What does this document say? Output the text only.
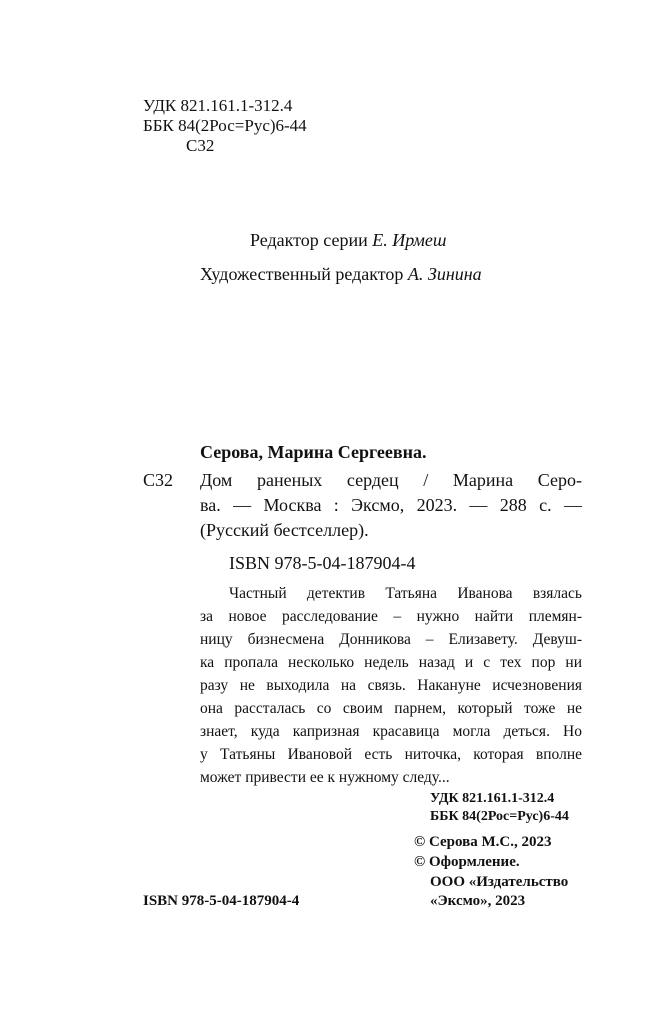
УДК 821.161.1-312.4
ББК 84(2Рос=Рус)6-44
С32
Редактор серии Е. Ирмеш
Художественный редактор А. Зинина
Серова, Марина Сергеевна.
С32 Дом раненых сердец / Марина Серо-
ва. — Москва : Эксмо, 2023. — 288 с. —
(Русский бестселлер).
ISBN 978-5-04-187904-4
Частный детектив Татьяна Иванова взялась
за новое расследование – нужно найти племян-
ницу бизнесмена Донникова – Елизавету. Девуш-
ка пропала несколько недель назад и с тех пор ни
разу не выходила на связь. Накануне исчезновения
она рассталась со своим парнем, который тоже не
знает, куда капризная красавица могла деться. Но
у Татьяны Ивановой есть ниточка, которая вполне
может привести ее к нужному следу...
УДК 821.161.1-312.4
ББК 84(2Рос=Рус)6-44
© Серова М.С., 2023
© Оформление.
ООО «Издательство
«Эксмо», 2023
ISBN 978-5-04-187904-4
